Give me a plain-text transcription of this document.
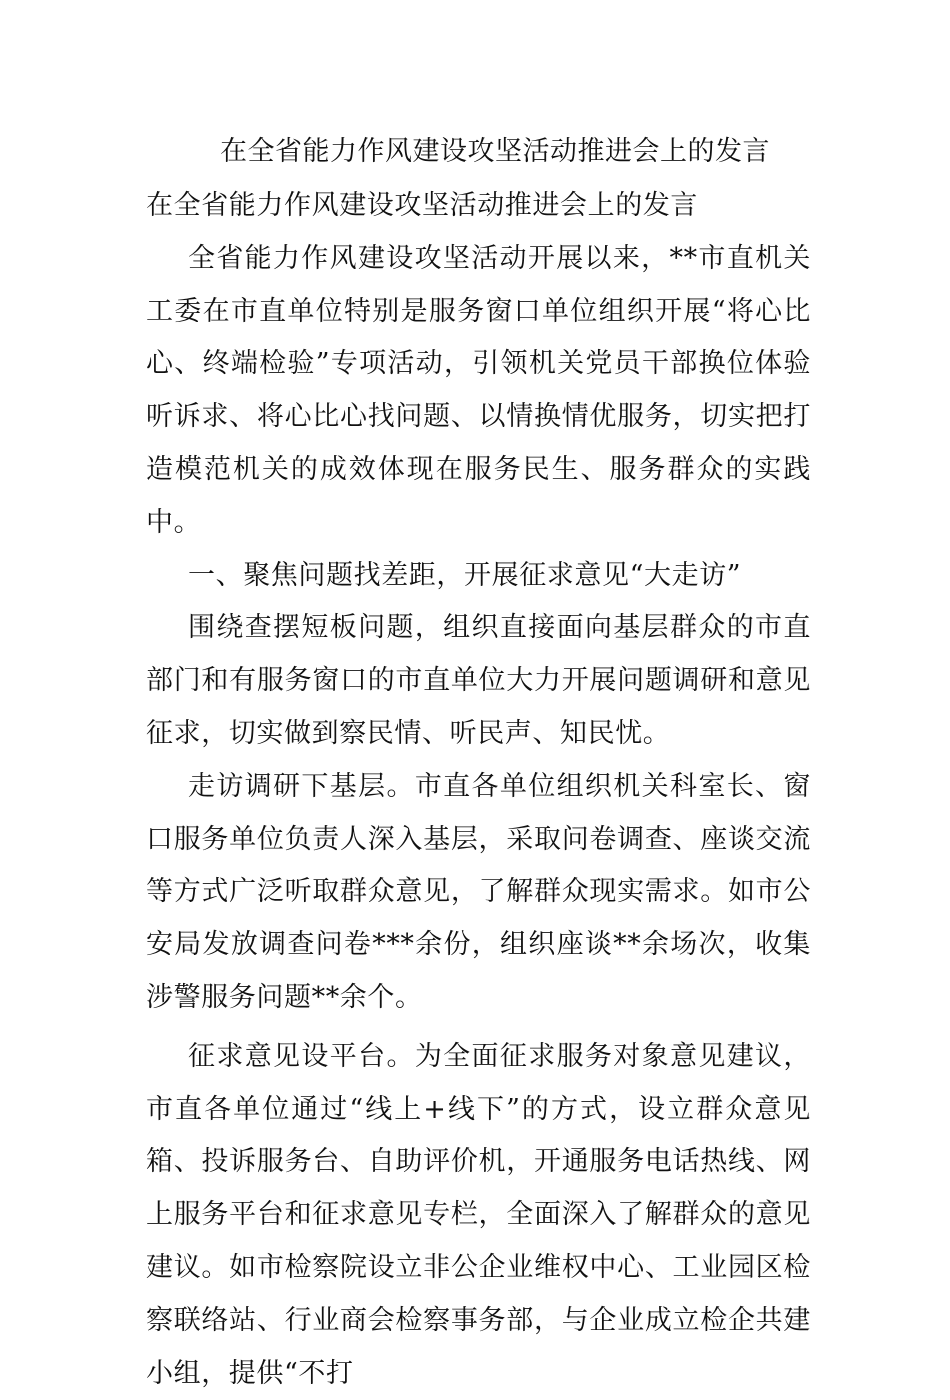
在全省能力作风建设攻坚活动推进会上的发言

在全省能力作风建设攻坚活动推进会上的发言

全省能力作风建设攻坚活动开展以来，**市直机关工委在市直单位特别是服务窗口单位组织开展“将心比心、终端检验”专项活动，引领机关党员干部换位体验听诉求、将心比心找问题、以情换情优服务，切实把打造模范机关的成效体现在服务民生、服务群众的实践中。

一、聚焦问题找差距，开展征求意见“大走访”

围绕查摆短板问题，组织直接面向基层群众的市直部门和有服务窗口的市直单位大力开展问题调研和意见征求，切实做到察民情、听民声、知民忧。

走访调研下基层。市直各单位组织机关科室长、窗口服务单位负责人深入基层，采取问卷调查、座谈交流等方式广泛听取群众意见，了解群众现实需求。如市公安局发放调查问卷***余份，组织座谈**余场次，收集涉警服务问题**余个。

征求意见设平台。为全面征求服务对象意见建议，市直各单位通过“线上+线下”的方式，设立群众意见箱、投诉服务台、自助评价机，开通服务电话热线、网上服务平台和征求意见专栏，全面深入了解群众的意见建议。如市检察院设立非公企业维权中心、工业园区检察联络站、行业商会检察事务部，与企业成立检企共建小组，提供“不打
